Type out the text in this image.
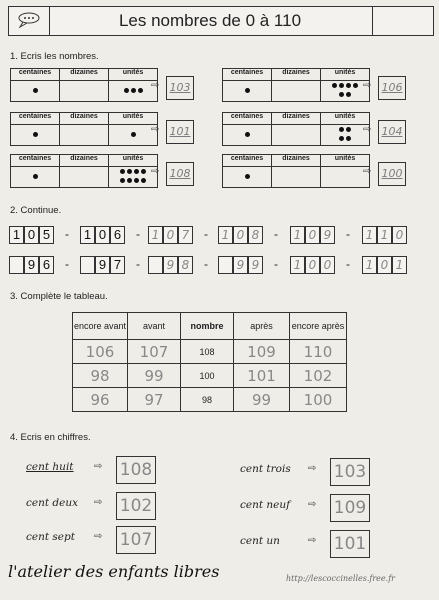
Les nombres de 0 à 110
1. Ecris les nombres.
centaines	dizaines	unités

⇨ 103
centaines	dizaines	unités

⇨ 106
centaines	dizaines	unités

⇨ 101
centaines	dizaines	unités

⇨ 104
centaines	dizaines	unités

⇨ 108
centaines	dizaines	unités

⇨ 100
2. Continue.
1 0 5	- 1 0 6	- 1 0 7	-	1 0 8	-	1 0 9	-	1 1 0
9 6	- 9 7	-	9 8	-	9 9	-	1 0 0	-	1 0 1
3. Complète le tableau.
encore avant	avant	nombre	après	encore après
106	107	108	109	110
98	99	100	101	102
96	97	98	99	100
4. Ecris en chiffres.
cent huit ⇨ 108	cent trois ⇨ 103
cent deux ⇨ 102	cent neuf ⇨ 109
cent sept ⇨ 107	cent un	⇨ 101
l'atelier des enfants libres	http://lescoccinelles.free.fr
